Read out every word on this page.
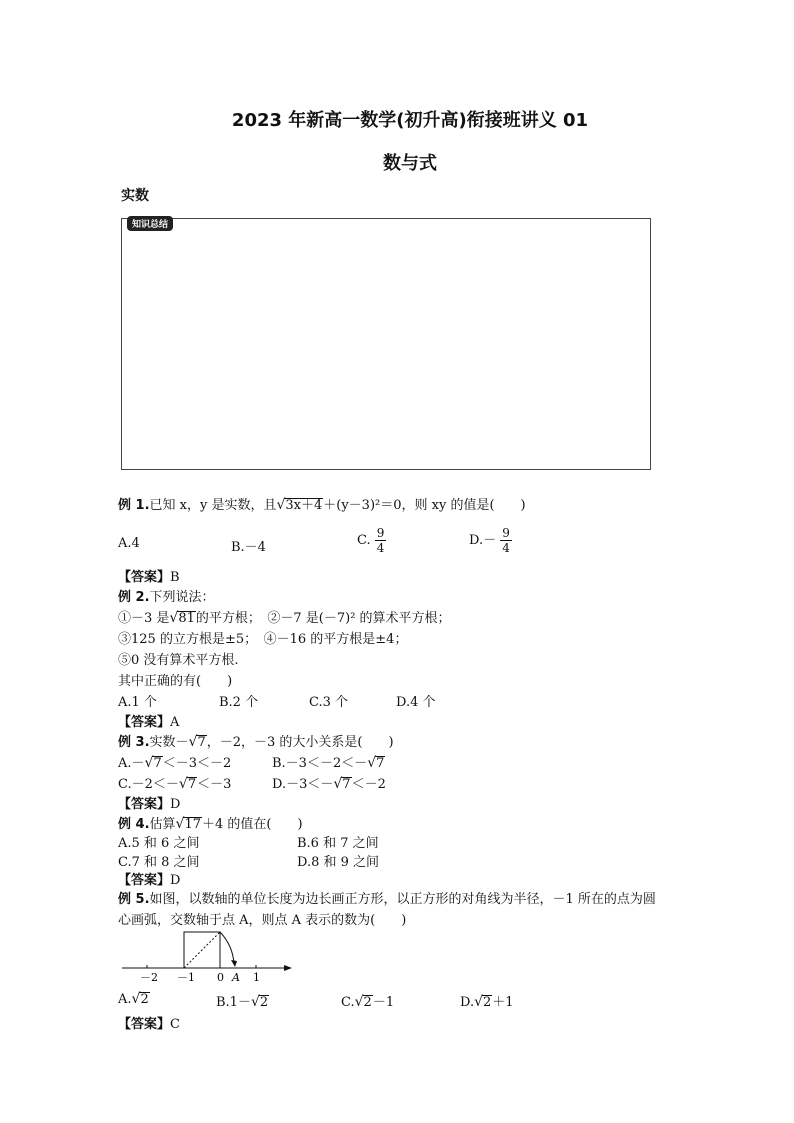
2023 年新高一数学(初升高)衔接班讲义 01
数与式
实数
知识总结
例 1.已知 x，y 是实数，且√3x＋4＋(y－3)²＝0，则 xy 的值是(　　)
A.4	B.－4	C. $\frac{9}{4}$	$D.- \frac{9}{4}$
【答案】B
例 2.下列说法：
①－3 是√81的平方根；　②－7 是(－7)² 的算术平方根；
③125 的立方根是±5；　④－16 的平方根是±4；
⑤0 没有算术平方根.
其中正确的有(　　)
A.1 个	B.2 个	C.3 个	D.4 个
【答案】A
例 3.实数－√7，－2，－3 的大小关系是(　　)
A.－√7＜－3＜－2	B.－3＜－2＜－√7
C.－2＜－√7＜－3	D.－3＜－√7＜－2
【答案】D
例 4.估算√17＋4 的值在(　　)
A.5 和 6 之间	B.6 和 7 之间
C.7 和 8 之间	D.8 和 9 之间
【答案】D
例 5.如图，以数轴的单位长度为边长画正方形，以正方形的对角线为半径，－1 所在的点为圆
心画弧，交数轴于点 A，则点 A 表示的数为(　　)
－2 －1 0 A 1
A.√2	B.1－√2	C.√2－1	D.√2＋1
【答案】C
